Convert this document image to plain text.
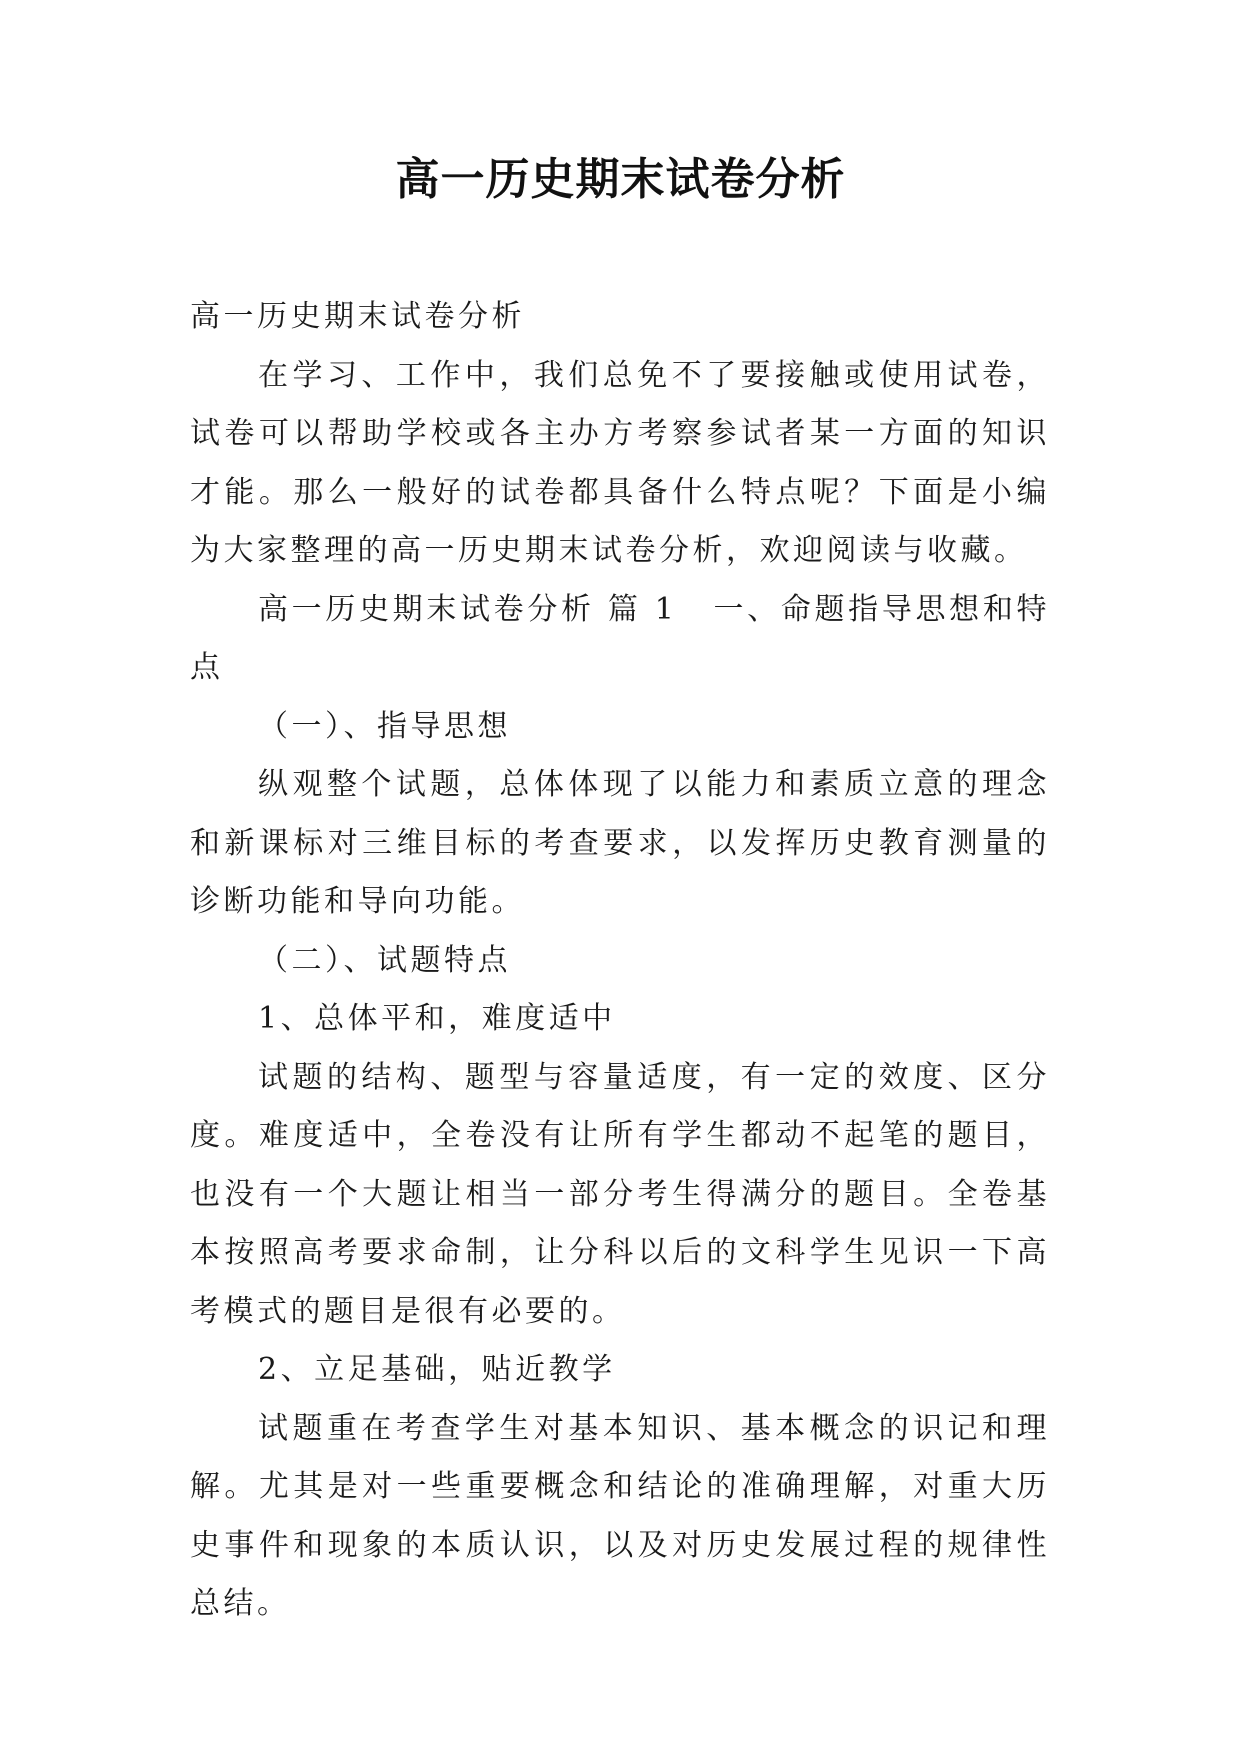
高一历史期末试卷分析

高一历史期末试卷分析

在学习、工作中，我们总免不了要接触或使用试卷，试卷可以帮助学校或各主办方考察参试者某一方面的知识才能。那么一般好的试卷都具备什么特点呢？下面是小编为大家整理的高一历史期末试卷分析，欢迎阅读与收藏。

高一历史期末试卷分析 篇 1 一、命题指导思想和特点

（一）、指导思想

纵观整个试题，总体体现了以能力和素质立意的理念和新课标对三维目标的考查要求，以发挥历史教育测量的诊断功能和导向功能。

（二）、试题特点

1、总体平和，难度适中

试题的结构、题型与容量适度，有一定的效度、区分度。难度适中，全卷没有让所有学生都动不起笔的题目，也没有一个大题让相当一部分考生得满分的题目。全卷基本按照高考要求命制，让分科以后的文科学生见识一下高考模式的题目是很有必要的。

2、立足基础，贴近教学

试题重在考查学生对基本知识、基本概念的识记和理解。尤其是对一些重要概念和结论的准确理解，对重大历史事件和现象的本质认识，以及对历史发展过程的规律性总结。
